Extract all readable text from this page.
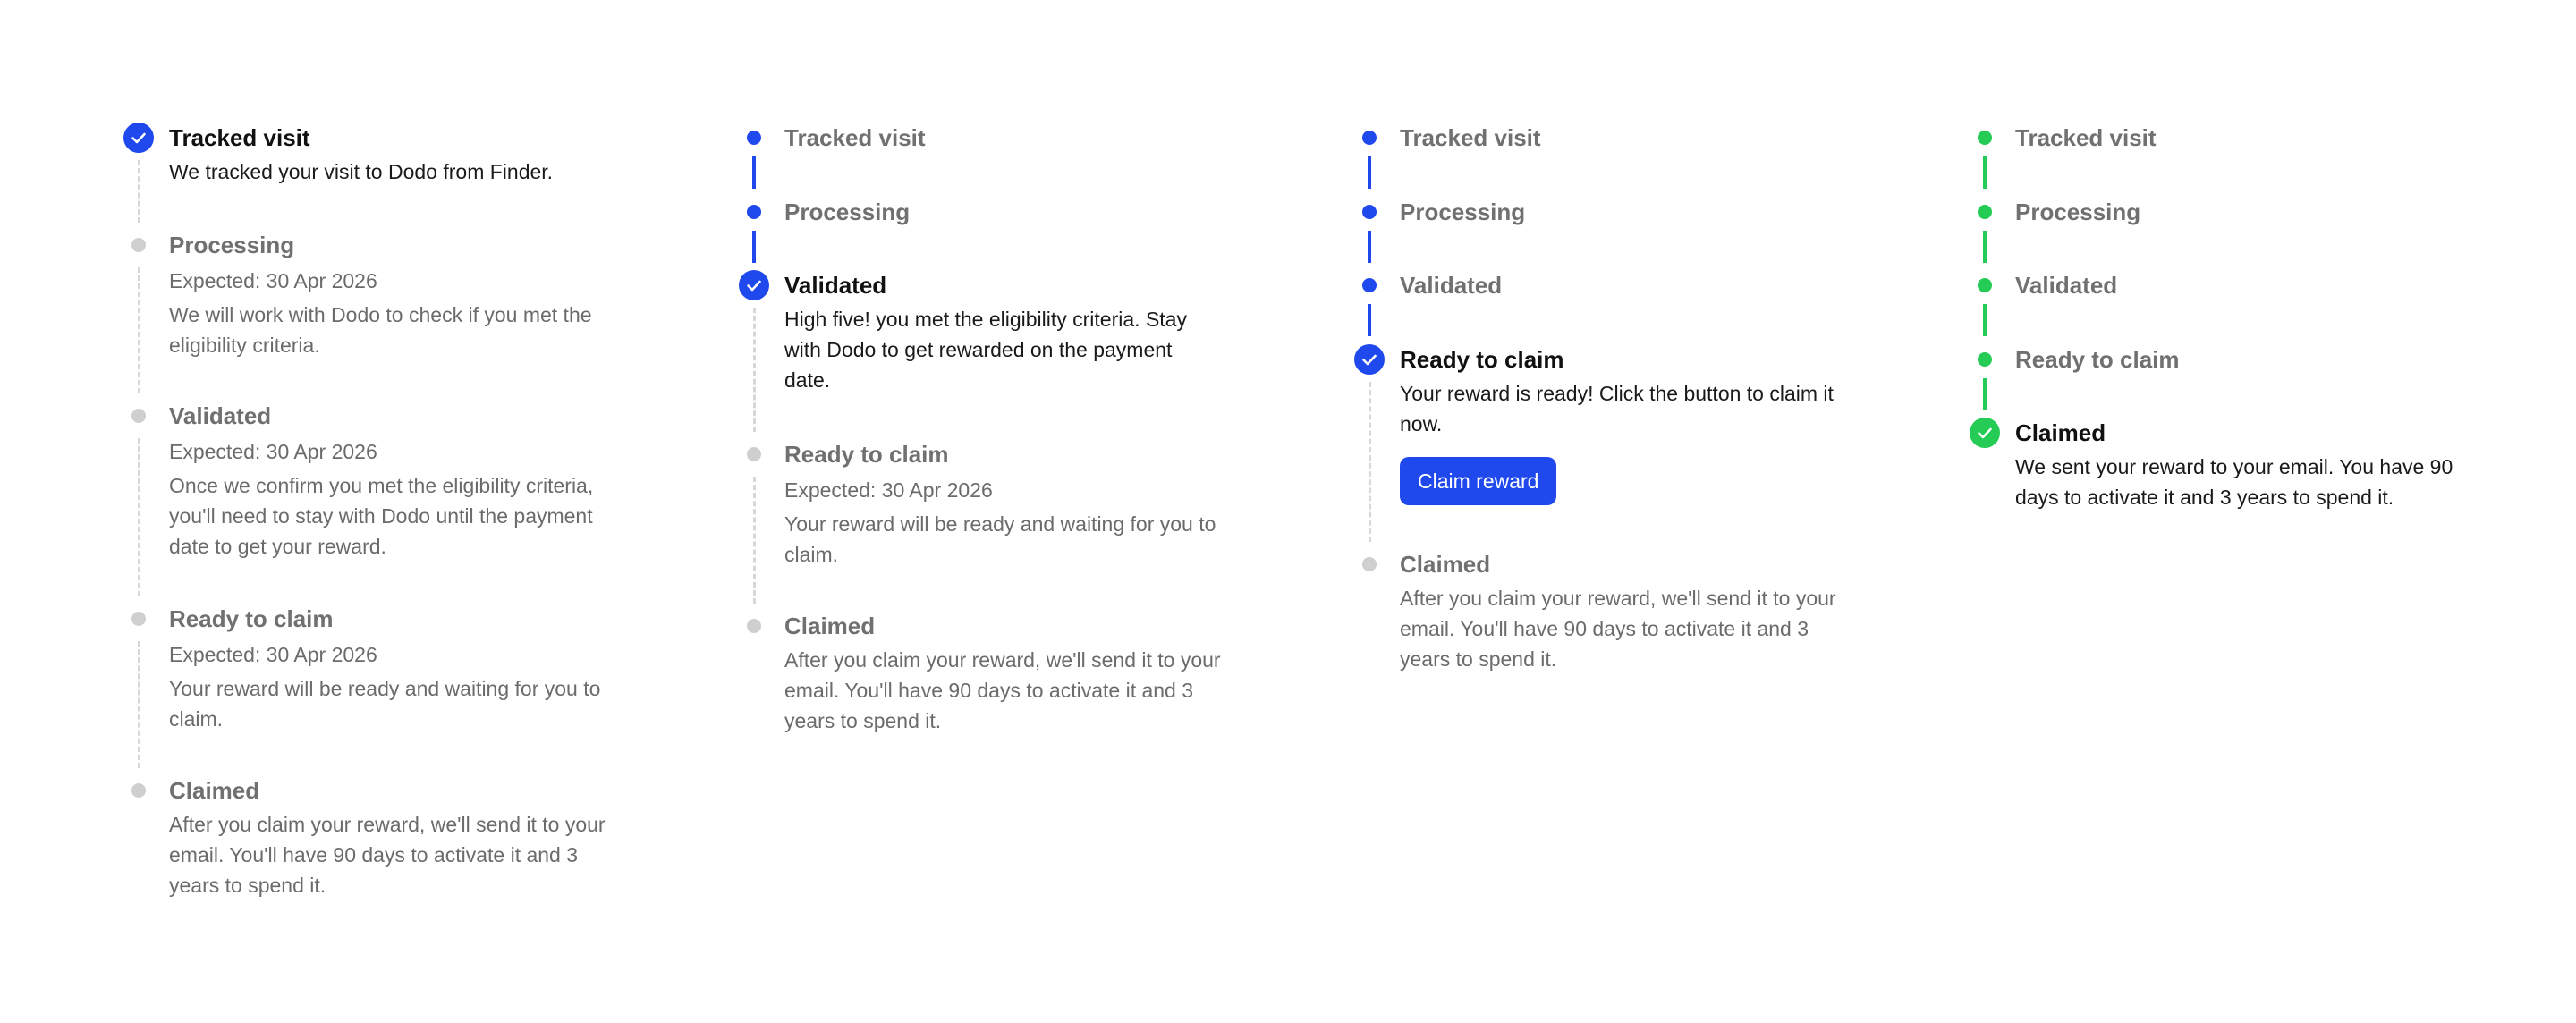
Tracked visit
We tracked your visit to Dodo from Finder.
Processing
Expected: 30 Apr 2026
We will work with Dodo to check if you met the eligibility criteria.
Validated
Expected: 30 Apr 2026
Once we confirm you met the eligibility criteria, you'll need to stay with Dodo until the payment date to get your reward.
Ready to claim
Expected: 30 Apr 2026
Your reward will be ready and waiting for you to claim.
Claimed
After you claim your reward, we'll send it to your email. You'll have 90 days to activate it and 3 years to spend it.
Tracked visit
Processing
Validated
High five! you met the eligibility criteria. Stay with Dodo to get rewarded on the payment date.
Ready to claim
Expected: 30 Apr 2026
Your reward will be ready and waiting for you to claim.
Claimed
After you claim your reward, we'll send it to your email. You'll have 90 days to activate it and 3 years to spend it.
Tracked visit
Processing
Validated
Ready to claim
Your reward is ready! Click the button to claim it now.
Claim reward
Claimed
After you claim your reward, we'll send it to your email. You'll have 90 days to activate it and 3 years to spend it.
Tracked visit
Processing
Validated
Ready to claim
Claimed
We sent your reward to your email. You have 90 days to activate it and 3 years to spend it.
